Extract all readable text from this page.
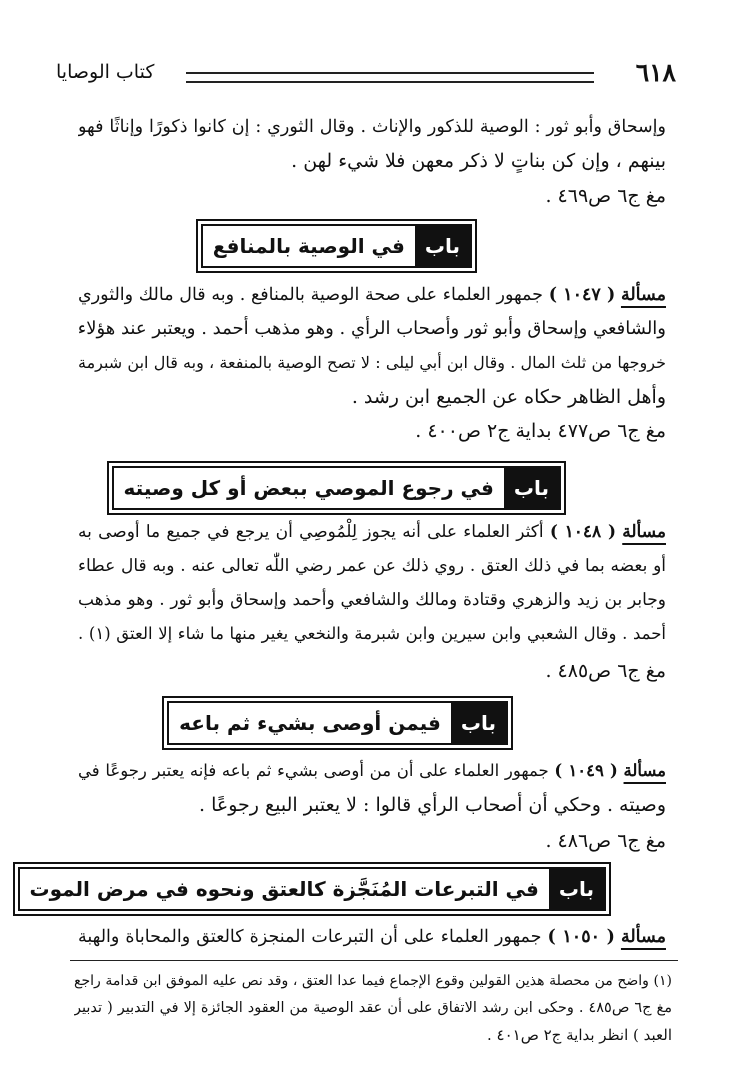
٦١٨
كتاب الوصايا
وإسحاق وأبو ثور : الوصية للذكور والإناث . وقال الثوري : إن كانوا ذكورًا وإناثًا فهو
بينهم ، وإن كن بناتٍ لا ذكر معهن فلا شيء لهن .
مغ ج٦ ص٤٦٩ .
باب
في الوصية بالمنافع
مسألة ( ١٠٤٧ ) جمهور العلماء على صحة الوصية بالمنافع . وبه قال مالك والثوري
والشافعي وإسحاق وأبو ثور وأصحاب الرأي . وهو مذهب أحمد . ويعتبر عند هؤلاء
خروجها من ثلث المال . وقال ابن أبي ليلى : لا تصح الوصية بالمنفعة ، وبه قال ابن شبرمة
وأهل الظاهر حكاه عن الجميع ابن رشد .
مغ ج٦ ص٤٧٧ بداية ج٢ ص٤٠٠ .
باب
في رجوع الموصي ببعض أو كل وصيته
مسألة ( ١٠٤٨ ) أكثر العلماء على أنه يجوز لِلْمُوصِي أن يرجع في جميع ما أوصى به
أو بعضه بما في ذلك العتق . روي ذلك عن عمر رضي اللّٰه تعالى عنه . وبه قال عطاء
وجابر بن زيد والزهري وقتادة ومالك والشافعي وأحمد وإسحاق وأبو ثور . وهو مذهب
أحمد . وقال الشعبي وابن سيرين وابن شبرمة والنخعي يغير منها ما شاء إلا العتق (١) .
مغ ج٦ ص٤٨٥ .
باب
فيمن أوصى بشيء ثم باعه
مسألة ( ١٠٤٩ ) جمهور العلماء على أن من أوصى بشيء ثم باعه فإنه يعتبر رجوعًا في
وصيته . وحكي أن أصحاب الرأي قالوا : لا يعتبر البيع رجوعًا .
مغ ج٦ ص٤٨٦ .
باب
في التبرعات المُنَجَّزة كالعتق ونحوه في مرض الموت
مسألة ( ١٠٥٠ ) جمهور العلماء على أن التبرعات المنجزة كالعتق والمحاباة والهبة
(١) واضح من محصلة هذين القولين وقوع الإجماع فيما عدا العتق ، وقد نص عليه الموفق ابن قدامة راجع
مغ ج٦ ص٤٨٥ . وحكى ابن رشد الاتفاق على أن عقد الوصية من العقود الجائزة إلا في التدبير ( تدبير
العبد ) انظر بداية ج٢ ص٤٠١ .
